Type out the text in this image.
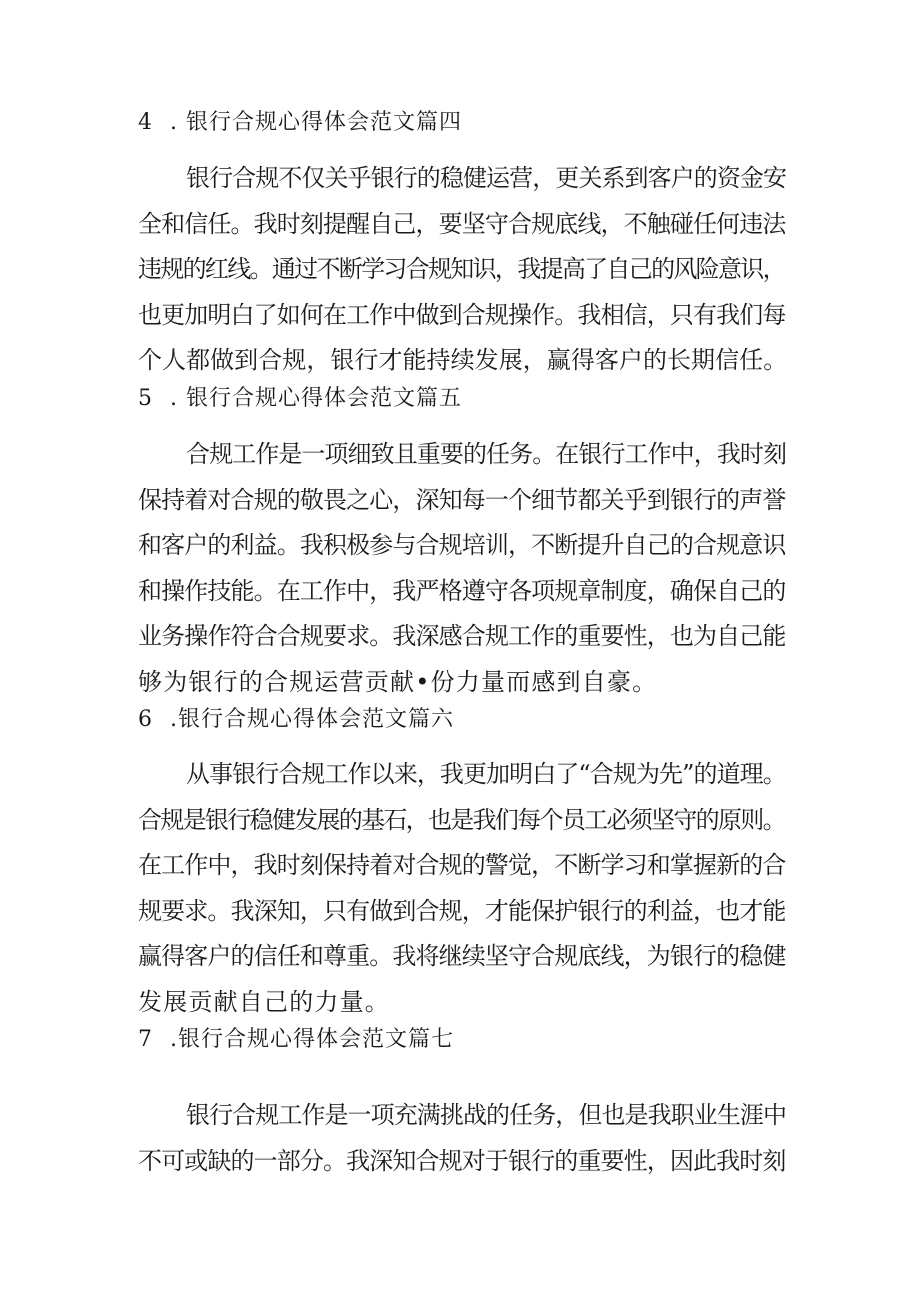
4 . 银行合规心得体会范文篇四
银行合规不仅关乎银行的稳健运营，更关系到客户的资金安
全和信任。我时刻提醒自己，要坚守合规底线，不触碰任何违法
违规的红线。通过不断学习合规知识，我提高了自己的风险意识，
也更加明白了如何在工作中做到合规操作。我相信，只有我们每
个人都做到合规，银行才能持续发展，赢得客户的长期信任。
5 . 银行合规心得体会范文篇五
合规工作是一项细致且重要的任务。在银行工作中，我时刻
保持着对合规的敬畏之心，深知每一个细节都关乎到银行的声誉
和客户的利益。我积极参与合规培训，不断提升自己的合规意识
和操作技能。在工作中，我严格遵守各项规章制度，确保自己的
业务操作符合合规要求。我深感合规工作的重要性，也为自己能
够为银行的合规运营贡献•份力量而感到自豪。
6 .银行合规心得体会范文篇六
从事银行合规工作以来，我更加明白了“合规为先”的道理。
合规是银行稳健发展的基石，也是我们每个员工必须坚守的原则。
在工作中，我时刻保持着对合规的警觉，不断学习和掌握新的合
规要求。我深知，只有做到合规，才能保护银行的利益，也才能
赢得客户的信任和尊重。我将继续坚守合规底线，为银行的稳健
发展贡献自己的力量。
7 .银行合规心得体会范文篇七
银行合规工作是一项充满挑战的任务，但也是我职业生涯中
不可或缺的一部分。我深知合规对于银行的重要性，因此我时刻
